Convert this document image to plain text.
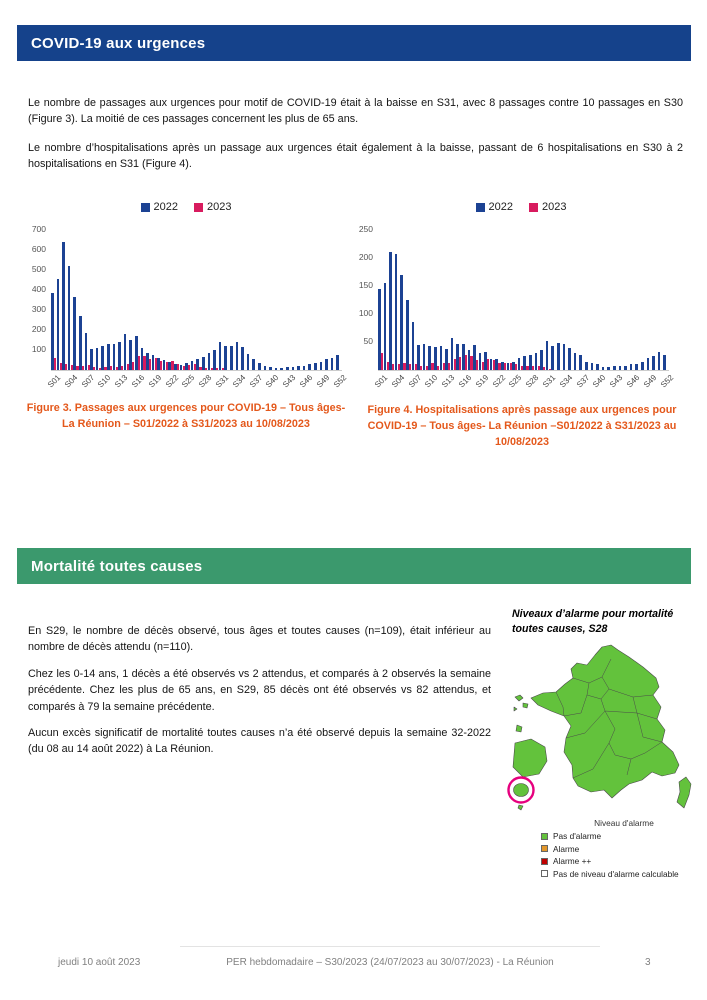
COVID-19 aux urgences

Le nombre de passages aux urgences pour motif de COVID-19 était à la baisse en S31, avec 8 passages contre 10 passages en S30 (Figure 3). La moitié de ces passages concernent les plus de 65 ans.

Le nombre d’hospitalisations après un passage aux urgences était également à la baisse, passant de 6 hospitalisations en S30 à 2 hospitalisations en S31 (Figure 4).

2022	2023
100
200
300
400
500
600
700
S01 S04 S07 S10 S13 S16 S19 S22 S25 S28 S31 S34 S37 S40 S43 S46 S49 S52
2022	2023
50
100
150
200
250
S01 S04 S07 S10 S13 S16 S19 S22 S25 S28 S31 S34 S37 S40 S43 S46 S49 S52
Figure 3. Passages aux urgences pour COVID-19 – Tous âges- La Réunion – S01/2022 à S31/2023 au 10/08/2023
Figure 4. Hospitalisations après passage aux urgences pour COVID-19 – Tous âges- La Réunion –S01/2022 à S31/2023 au 10/08/2023
Mortalité toutes causes

En S29, le nombre de décès observé, tous âges et toutes causes (n=109), était inférieur au nombre de décès attendu (n=110).

Chez les 0-14 ans, 1 décès a été observés vs 2 attendus, et comparés à 2 observés la semaine précédente. Chez les plus de 65 ans, en S29, 85 décès ont été observés vs 82 attendus, et comparés à 79 la semaine précédente.

Aucun excès significatif de mortalité toutes causes n’a été observé depuis la semaine 32-2022 (du 08 au 14 août 2022) à La Réunion.

Niveaux d’alarme pour mortalité toutes causes, S28
Niveau d'alarme
Pas d'alarme
Alarme
Alarme ++
Pas de niveau d'alarme calculable
jeudi 10 août 2023	PER hebdomadaire – S30/2023 (24/07/2023 au 30/07/2023) - La Réunion	3
